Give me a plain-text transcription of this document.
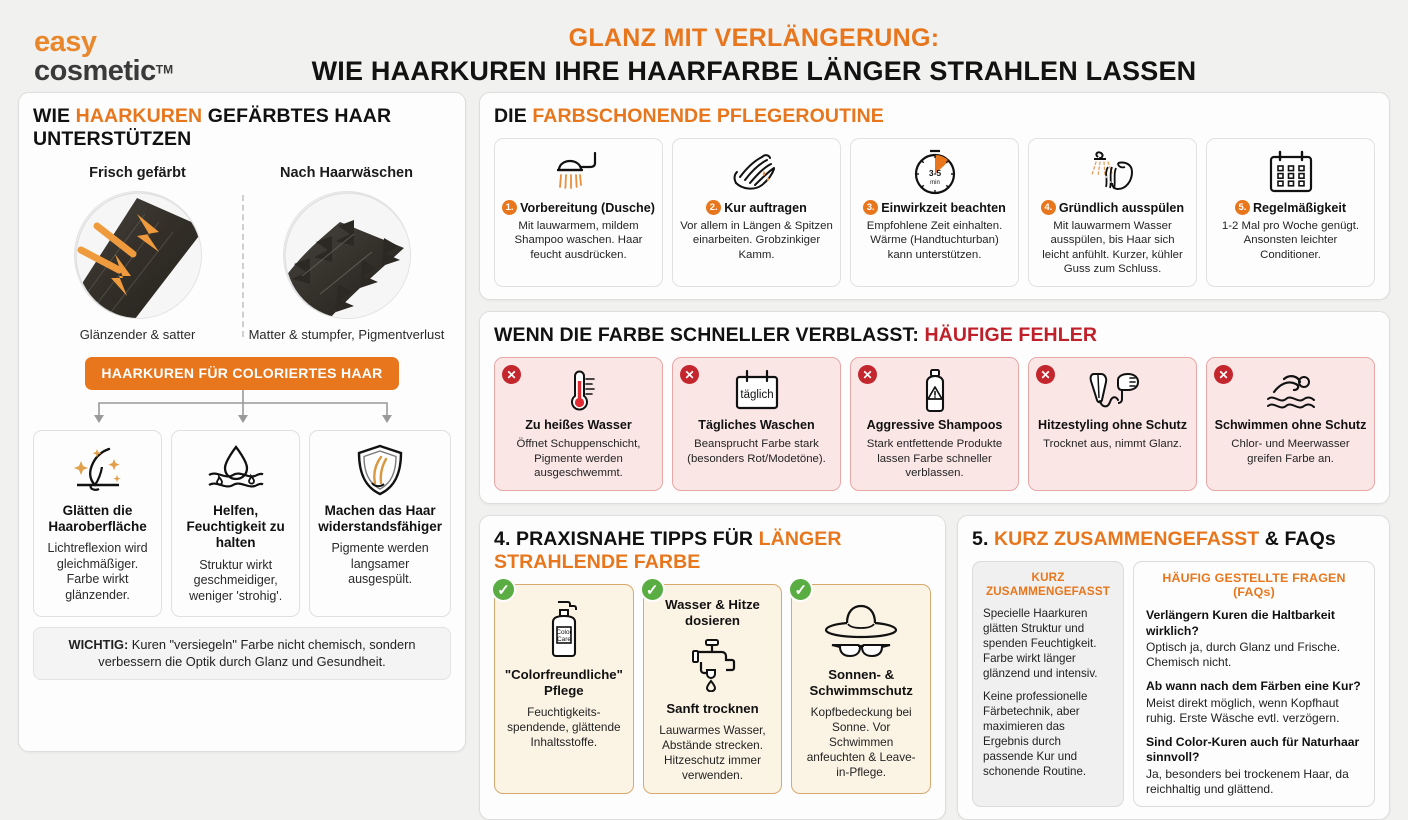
easy
cosmetic™
GLANZ MIT VERLÄNGERUNG:
WIE HAARKUREN IHRE HAARFARBE LÄNGER STRAHLEN LASSEN
WIE HAARKUREN GEFÄRBTES HAAR UNTERSTÜTZEN
Frisch gefärbt
Glänzender & satter
Nach Haarwäschen
Matter & stumpfer, Pigmentverlust
HAARKUREN FÜR COLORIERTES HAAR
Glätten die Haaroberfläche

Lichtreflexion wird gleichmäßiger. Farbe wirkt glänzender.

Helfen, Feuchtigkeit zu halten

Struktur wirkt geschmeidiger, weniger 'strohig'.

Machen das Haar widerstandsfähiger

Pigmente werden langsamer ausgespült.

WICHTIG: Kuren "versiegeln" Farbe nicht chemisch, sondern verbessern die Optik durch Glanz und Gesundheit.
DIE FARBSCHONENDE PFLEGEROUTINE
1. Vorbereitung (Dusche)

Mit lauwarmem, mildem Shampoo waschen. Haar feucht ausdrücken.

2. Kur auftragen

Vor allem in Längen & Spitzen einarbeiten. Grobzinkiger Kamm.

3-5
min
3. Einwirkzeit beachten

Empfohlene Zeit einhalten. Wärme (Handtuchturban) kann unterstützen.

4. Gründlich ausspülen

Mit lauwarmem Wasser ausspülen, bis Haar sich leicht anfühlt. Kurzer, kühler Guss zum Schluss.

5. Regelmäßigkeit

1-2 Mal pro Woche genügt. Ansonsten leichter Conditioner.

WENN DIE FARBE SCHNELLER VERBLASST: HÄUFIGE FEHLER
✕
Zu heißes Wasser

Öffnet Schuppenschicht, Pigmente werden ausgeschwemmt.

✕
täglich
Tägliches Waschen

Beansprucht Farbe stark (besonders Rot/Modetöne).

✕
Aggressive Shampoos

Stark entfettende Produkte lassen Farbe schneller verblassen.

✕
Hitzestyling ohne Schutz

Trocknet aus, nimmt Glanz.

✕
Schwimmen ohne Schutz

Chlor- und Meerwasser greifen Farbe an.

4. PRAXISNAHE TIPPS FÜR LÄNGER STRAHLENDE FARBE
✓
Color
Care
"Colorfreundliche" Pflege

Feuchtigkeits-spendende, glättende Inhaltsstoffe.

✓
Wasser & Hitze dosieren
Sanft trocknen

Lauwarmes Wasser, Abstände strecken. Hitzeschutz immer verwenden.

✓
Sonnen- & Schwimmschutz

Kopfbedeckung bei Sonne. Vor Schwimmen anfeuchten & Leave-in-Pflege.

5. KURZ ZUSAMMENGEFASST & FAQs
KURZ ZUSAMMENGEFASST

Specielle Haarkuren glätten Struktur und spenden Feuchtigkeit. Farbe wirkt länger glänzend und intensiv.

Keine professionelle Färbetechnik, aber maximieren das Ergebnis durch passende Kur und schonende Routine.

HÄUFIG GESTELLTE FRAGEN (FAQs)
Verlängern Kuren die Haltbarkeit wirklich?
Optisch ja, durch Glanz und Frische. Chemisch nicht.
Ab wann nach dem Färben eine Kur?
Meist direkt möglich, wenn Kopfhaut ruhig. Erste Wäsche evtl. verzögern.
Sind Color-Kuren auch für Naturhaar sinnvoll?
Ja, besonders bei trockenem Haar, da reichhaltig und glättend.
